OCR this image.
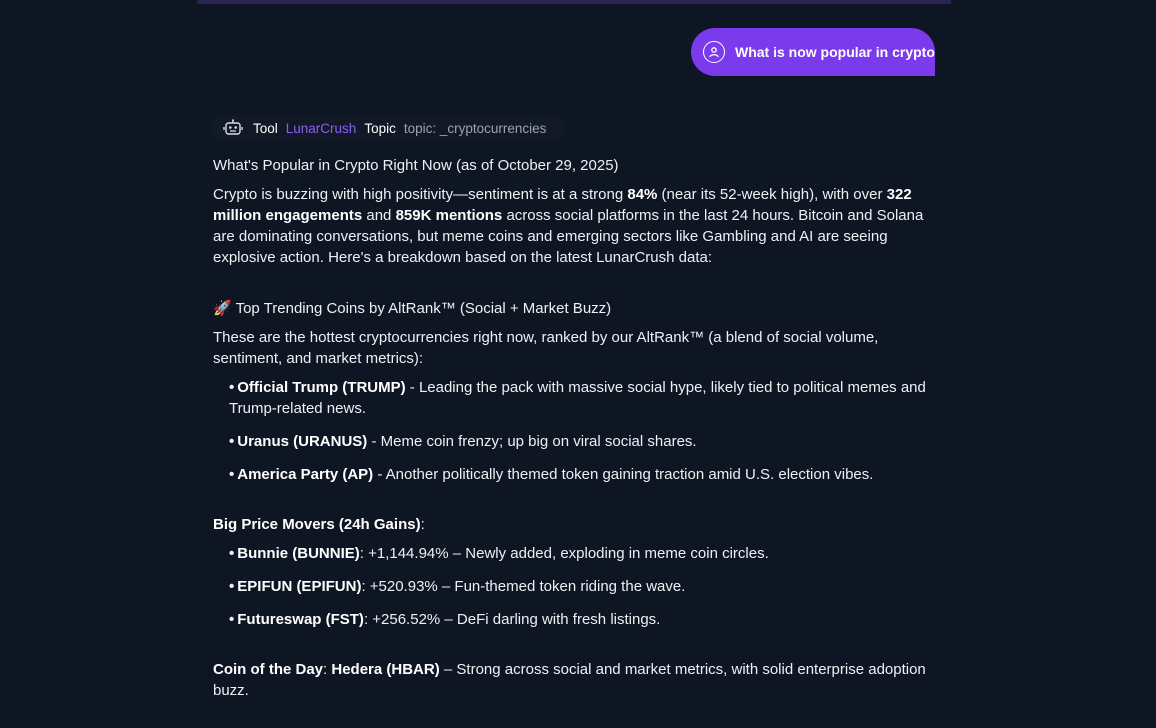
What is now popular in crypto
Tool LunarCrush Topic topic: _cryptocurrencies

What's Popular in Crypto Right Now (as of October 29, 2025)

Crypto is buzzing with high positivity—sentiment is at a strong 84% (near its 52-week high), with over 322 million engagements and 859K mentions across social platforms in the last 24 hours. Bitcoin and Solana are dominating conversations, but meme coins and emerging sectors like Gambling and AI are seeing explosive action. Here's a breakdown based on the latest LunarCrush data:

🚀 Top Trending Coins by AltRank™ (Social + Market Buzz)

These are the hottest cryptocurrencies right now, ranked by our AltRank™ (a blend of social volume, sentiment, and market metrics):

• Official Trump (TRUMP) - Leading the pack with massive social hype, likely tied to political memes and Trump-related news.
• Uranus (URANUS) - Meme coin frenzy; up big on viral social shares.
• America Party (AP) - Another politically themed token gaining traction amid U.S. election vibes.

Big Price Movers (24h Gains):

• Bunnie (BUNNIE): +1,144.94% – Newly added, exploding in meme coin circles.
• EPIFUN (EPIFUN): +520.93% – Fun-themed token riding the wave.
• Futureswap (FST): +256.52% – DeFi darling with fresh listings.

Coin of the Day: Hedera (HBAR) – Strong across social and market metrics, with solid enterprise adoption buzz.
